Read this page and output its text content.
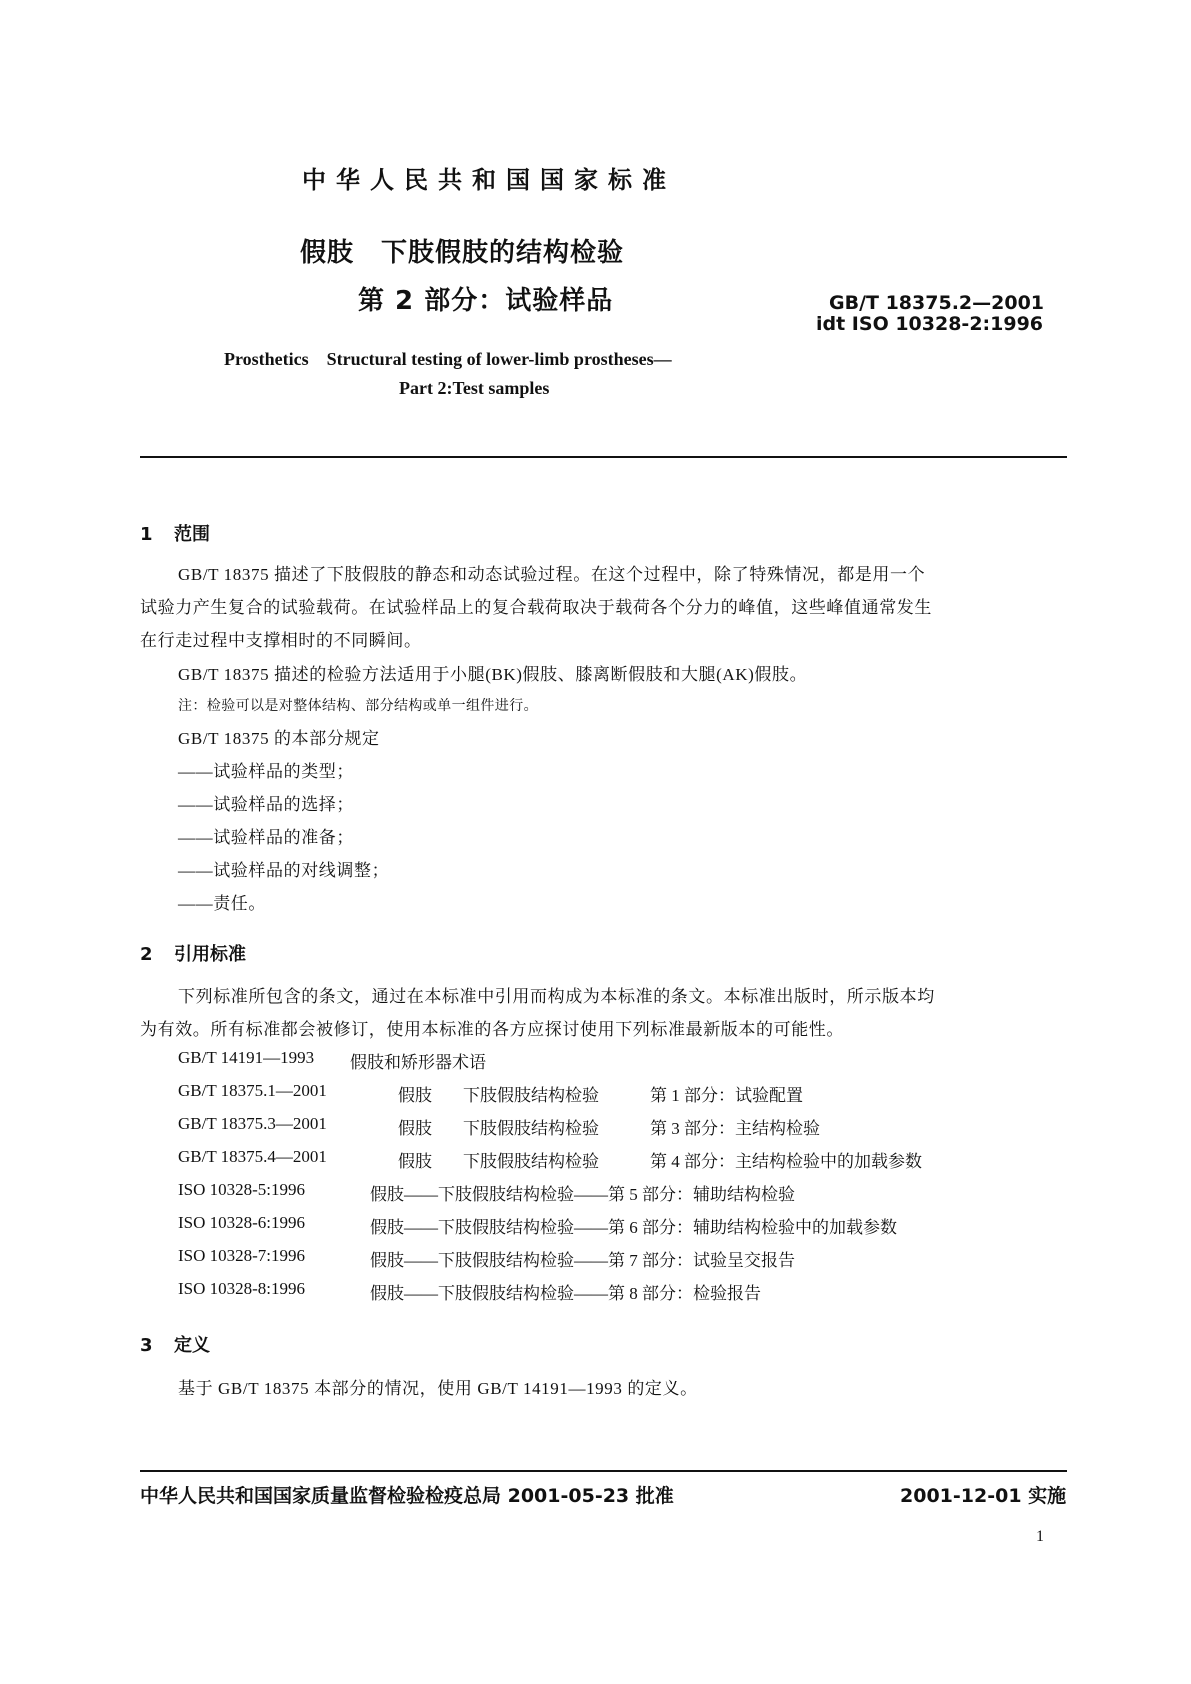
中华人民共和国国家标准
假肢　下肢假肢的结构检验
第 2 部分：试验样品	GB/T 18375.2—2001
idt ISO 10328-2:1996
Prosthetics　Structural testing of lower-limb prostheses—
Part 2:Test samples
1 范围
GB/T 18375 描述了下肢假肢的静态和动态试验过程。在这个过程中，除了特殊情况，都是用一个
试验力产生复合的试验载荷。在试验样品上的复合载荷取决于载荷各个分力的峰值，这些峰值通常发生
在行走过程中支撑相时的不同瞬间。
GB/T 18375 描述的检验方法适用于小腿(BK)假肢、膝离断假肢和大腿(AK)假肢。
注：检验可以是对整体结构、部分结构或单一组件进行。
GB/T 18375 的本部分规定
——试验样品的类型；
——试验样品的选择；
——试验样品的准备；
——试验样品的对线调整；
——责任。
2 引用标准
下列标准所包含的条文，通过在本标准中引用而构成为本标准的条文。本标准出版时，所示版本均
为有效。所有标准都会被修订，使用本标准的各方应探讨使用下列标准最新版本的可能性。
GB/T 14191—1993 假肢和矫形器术语
GB/T 18375.1—2001	假肢 下肢假肢结构检验	第 1 部分：试验配置
GB/T 18375.3—2001	假肢 下肢假肢结构检验	第 3 部分：主结构检验
GB/T 18375.4—2001	假肢 下肢假肢结构检验	第 4 部分：主结构检验中的加载参数
ISO 10328-5:1996	假肢——下肢假肢结构检验——第 5 部分：辅助结构检验
ISO 10328-6:1996	假肢——下肢假肢结构检验——第 6 部分：辅助结构检验中的加载参数
ISO 10328-7:1996	假肢——下肢假肢结构检验——第 7 部分：试验呈交报告
ISO 10328-8:1996	假肢——下肢假肢结构检验——第 8 部分：检验报告
3 定义
基于 GB/T 18375 本部分的情况，使用 GB/T 14191—1993 的定义。
中华人民共和国国家质量监督检验检疫总局 2001-05-23 批准	2001-12-01 实施
1
